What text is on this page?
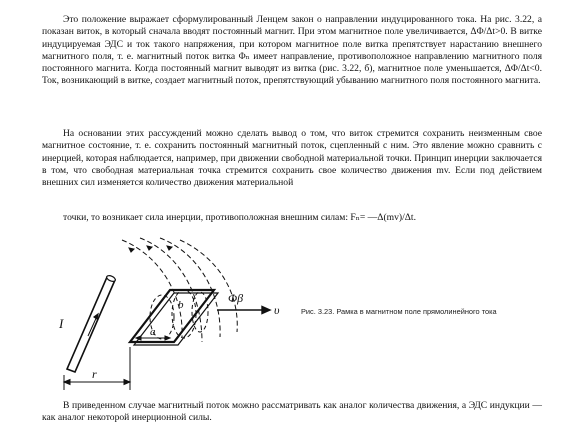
Это положение выражает сформулированный Ленцем закон о направлении индуцированного тока. На рис. 3.22, а показан виток, в который сначала вводят постоянный магнит. При этом магнитное поле увеличивается, ΔΦ/Δt>0. В витке индуцируемая ЭДС и ток такого напряжения, при котором магнитное поле витка препятствует нарастанию внешнего магнитного поля, т. е. магнитный поток витка Φₙ имеет направление, противоположное направлению магнитного поля постоянного магнита. Когда постоянный магнит выводят из витка (рис. 3.22, б), магнитное поле уменьшается, ΔΦ/Δt<0. Ток, возникающий в витке, создает магнитный поток, препятствующий убыванию магнитного поля постоянного магнита.

На основании этих рассуждений можно сделать вывод о том, что виток стремится сохранить неизменным свое магнитное состояние, т. е. сохранить постоянный магнитный поток, сцепленный с ним. Это явление можно сравнить с инерцией, которая наблюдается, например, при движении свободной материальной точки. Принцип инерции заключается в том, что свободная материальная точка стремится сохранить свое количество движения mv. Если под действием внешних сил изменяется количество движения материальной

точки, то возникает сила инерции, противоположная внешним силам: Fₙ= —Δ(mv)/Δt.

В приведенном случае магнитный поток можно рассматривать как аналог количества движения, а ЭДС индукции — как аналог некоторой инерционной силы.

I
r
a
b	Φβ
υ	Рис. 3.23. Рамка в магнитном поле прямолинейного тока
